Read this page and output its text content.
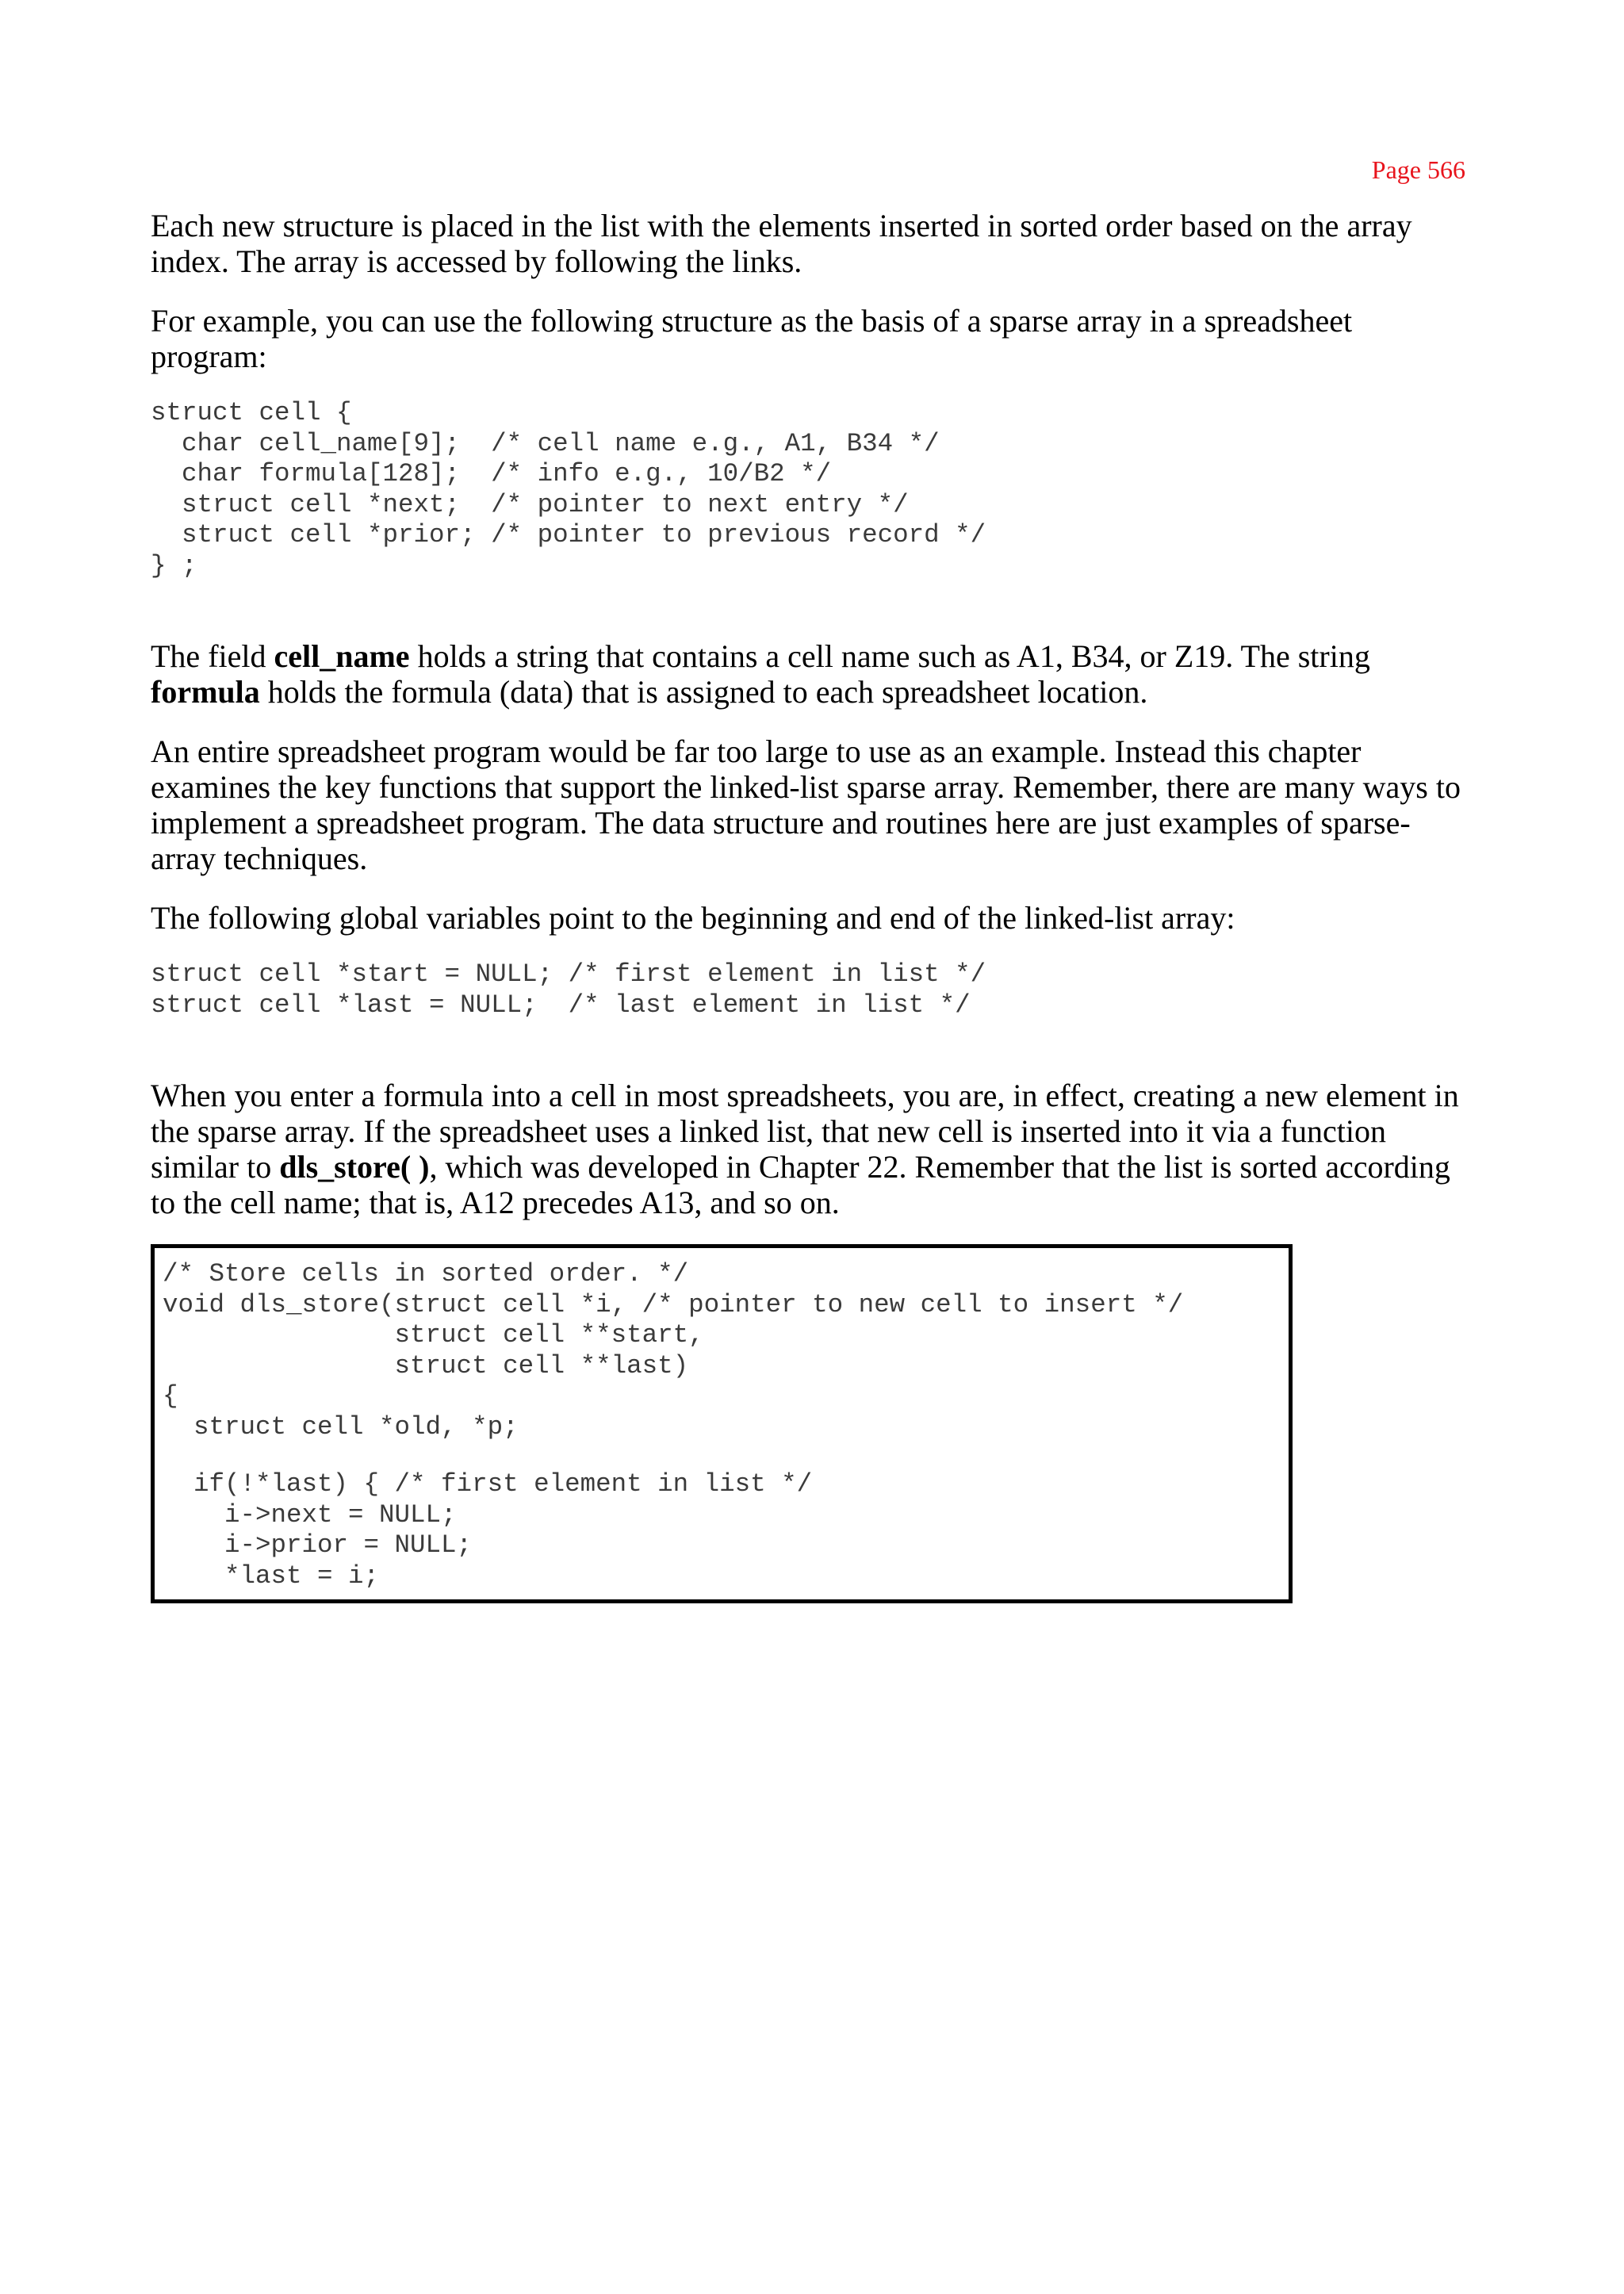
Page 566

Each new structure is placed in the list with the elements inserted in sorted order based on the array index. The array is accessed by following the links.

For example, you can use the following structure as the basis of a sparse array in a spreadsheet program:

struct cell {
char cell_name[9];  /* cell name e.g., A1, B34 */
char formula[128];  /* info e.g., 10/B2 */
struct cell *next;  /* pointer to next entry */
struct cell *prior; /* pointer to previous record */
} ;

The field cell_name holds a string that contains a cell name such as A1, B34, or Z19. The string formula holds the formula (data) that is assigned to each spreadsheet location.

An entire spreadsheet program would be far too large to use as an example. Instead this chapter examines the key functions that support the linked-list sparse array. Remember, there are many ways to implement a spreadsheet program. The data structure and routines here are just examples of sparse-array techniques.

The following global variables point to the beginning and end of the linked-list array:

struct cell *start = NULL; /* first element in list */
struct cell *last = NULL;  /* last element in list */

When you enter a formula into a cell in most spreadsheets, you are, in effect, creating a new element in the sparse array. If the spreadsheet uses a linked list, that new cell is inserted into it via a function similar to dls_store( ), which was developed in Chapter 22. Remember that the list is sorted according to the cell name; that is, A12 precedes A13, and so on.

/* Store cells in sorted order. */
void dls_store(struct cell *i, /* pointer to new cell to insert */
struct cell **start,
struct cell **last)
{
struct cell *old, *p;
if(!*last) { /* first element in list */
i->next = NULL;
i->prior = NULL;
*last = i;
